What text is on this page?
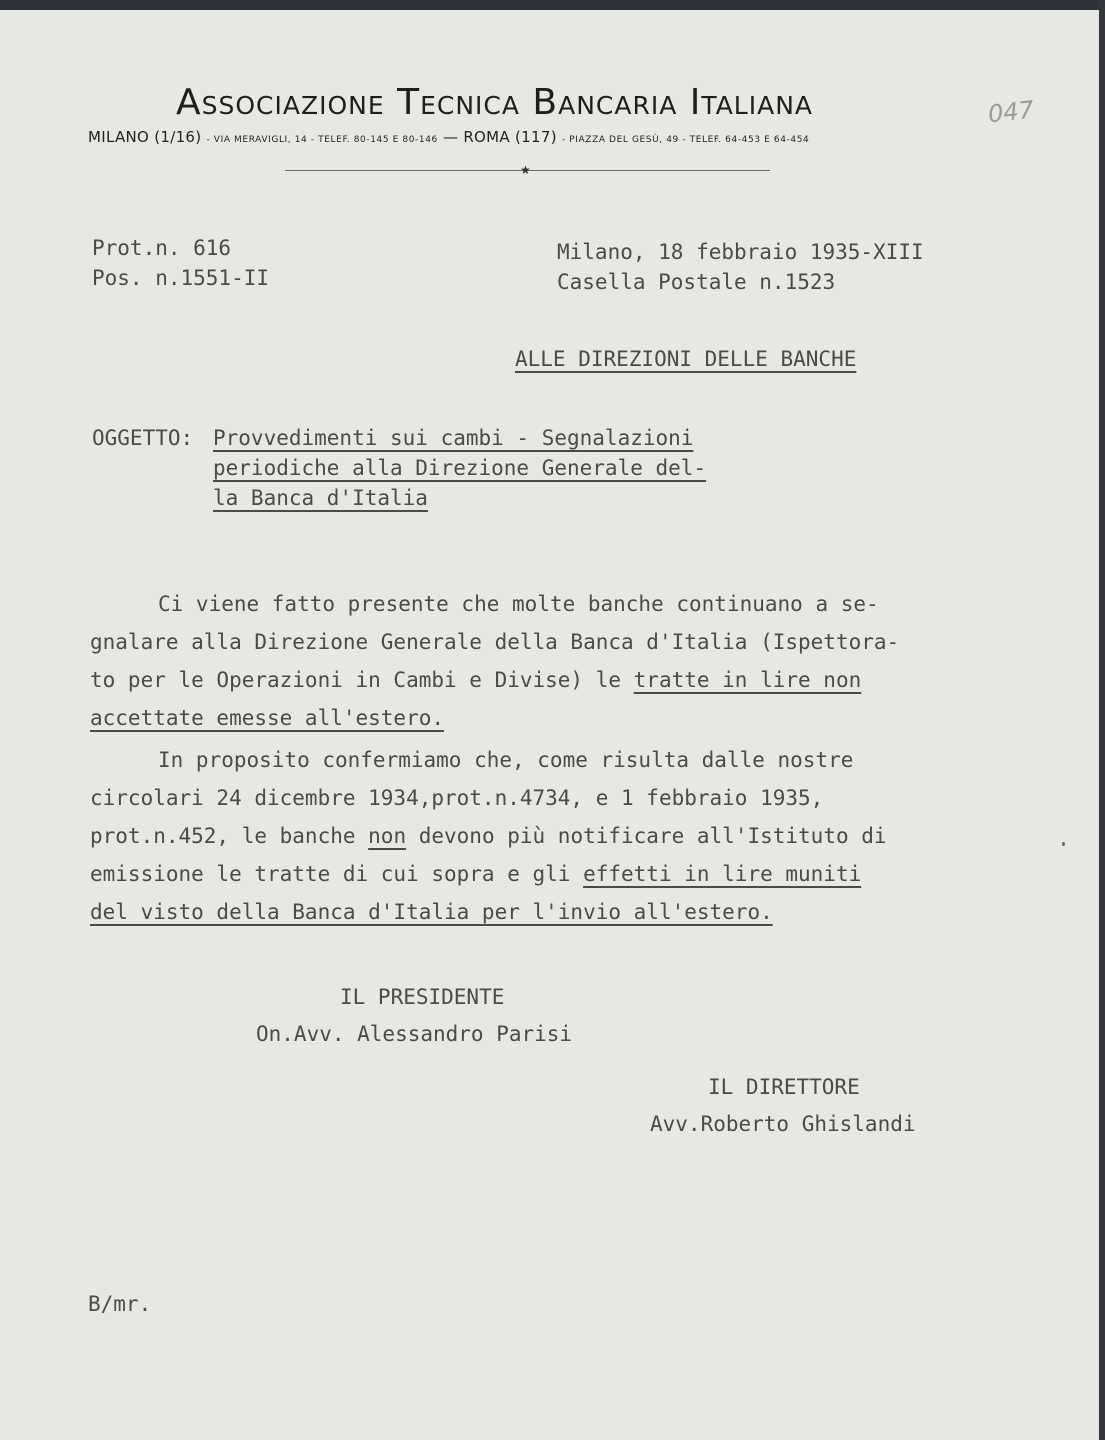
Associazione Tecnica Bancaria Italiana
MILANO (1/16) - VIA MERAVIGLI, 14 - TELEF. 80-145 E 80-146 — ROMA (117) - PIAZZA DEL GESÙ, 49 - TELEF. 64-453 E 64-454
★
047
Prot.n. 616
Pos. n.1551-II
Milano, 18 febbraio 1935-XIII
Casella Postale n.1523
ALLE DIREZIONI DELLE BANCHE
OGGETTO: Provvedimenti sui cambi - Segnalazioni
periodiche alla Direzione Generale del-
la Banca d'Italia
Ci viene fatto presente che molte banche continuano a se-
gnalare alla Direzione Generale della Banca d'Italia (Ispettora-
to per le Operazioni in Cambi e Divise) le tratte in lire non
accettate emesse all'estero.
In proposito confermiamo che, come risulta dalle nostre
circolari 24 dicembre 1934,prot.n.4734, e 1 febbraio 1935,
prot.n.452, le banche non devono più notificare all'Istituto di
emissione le tratte di cui sopra e gli effetti in lire muniti
del visto della Banca d'Italia per l'invio all'estero.
IL PRESIDENTE
On.Avv. Alessandro Parisi
IL DIRETTORE
Avv.Roberto Ghislandi
B/mr.
